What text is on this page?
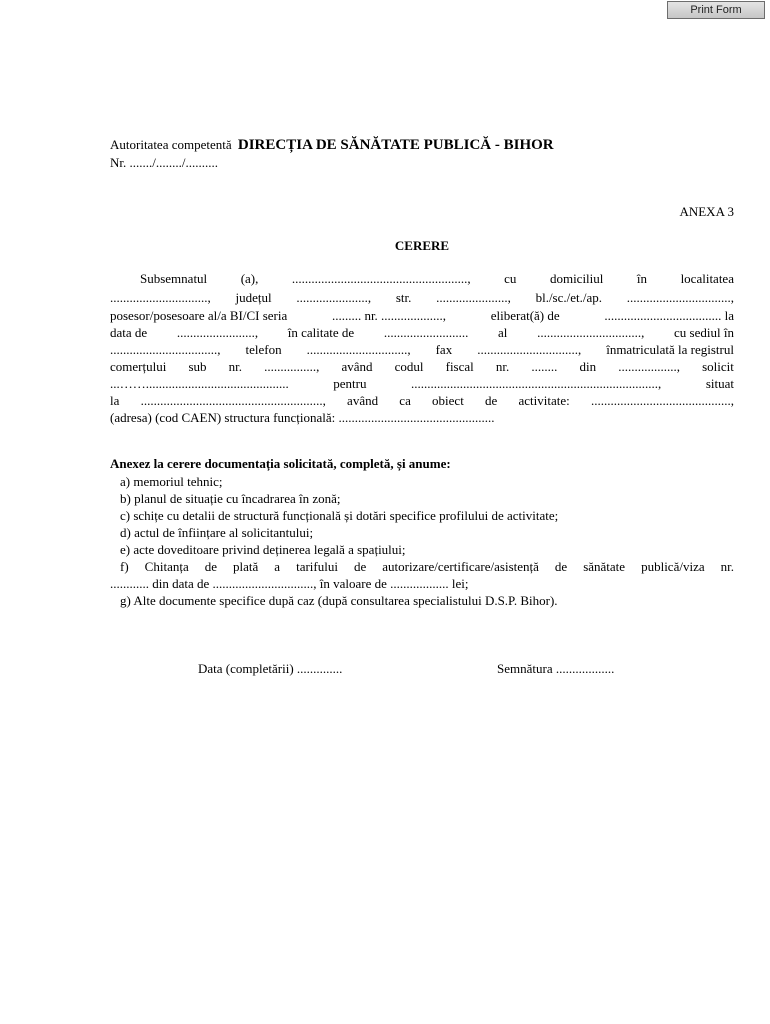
Print Form
Autoritatea competentă DIRECȚIA DE SĂNĂTATE PUBLICĂ - BIHOR
Nr. ......./......../..........
ANEXA 3
CERERE
Subsemnatul	(a),	......................................................,	cu	domiciliul	în	localitatea
.............................., județul ......................, str. ......................, bl./sc./et./ap. ................................,
posesor/posesoare al/a BI/CI seria	......... nr. ...................,	eliberat(ă) de	.................................... la
data de ........................, în calitate de .......................... al ................................, cu sediul în
................................., telefon ..............................., fax ..............................., înmatriculată la registrul
comerțului sub nr. ................, având codul fiscal nr. ........ din .................., solicit
...……............................................	pentru	............................................................................,	situat
la ........................................................, având ca obiect de activitate: ...........................................,
(adresa) (cod CAEN) structura funcțională: ................................................
Anexez la cerere documentația solicitată, completă, și anume:
a) memoriul tehnic;
b) planul de situație cu încadrarea în zonă;
c) schițe cu detalii de structură funcțională și dotări specifice profilului de activitate;
d) actul de înființare al solicitantului;
e) acte doveditoare privind deținerea legală a spațiului;
f) Chitanța de plată a tarifului de autorizare/certificare/asistență de sănătate publică/viza nr.
............ din data de ..............................., în valoare de .................. lei;
g) Alte documente specifice după caz (după consultarea specialistului D.S.P. Bihor).
Data (completării) ..............	Semnătura ..................
